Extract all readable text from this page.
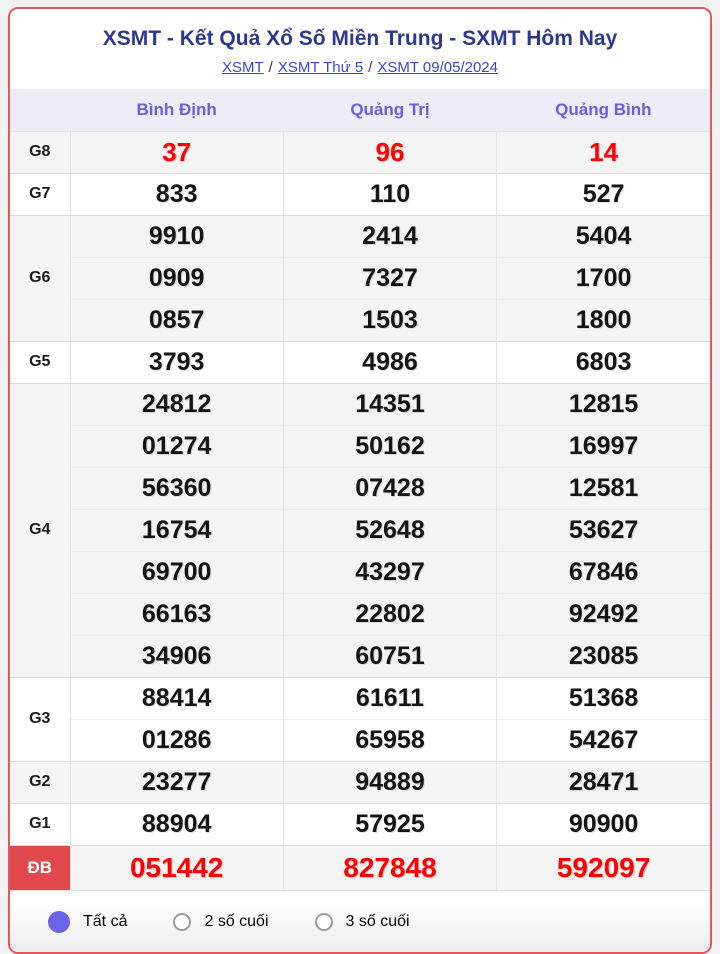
XSMT - Kết Quả Xổ Số Miền Trung - SXMT Hôm Nay
XSMT / XSMT Thứ 5 / XSMT 09/05/2024
	Bình Định	Quảng Trị	Quảng Bình
G8	37	96	14
G7	833	110	527
G6	9910	2414	5404
	0909	7327	1700
	0857	1503	1800
G5	3793	4986	6803
G4	24812	14351	12815
	01274	50162	16997
	56360	07428	12581
	16754	52648	53627
	69700	43297	67846
	66163	22802	92492
	34906	60751	23085
G3	88414	61611	51368
	01286	65958	54267
G2	23277	94889	28471
G1	88904	57925	90900
ĐB	051442	827848	592097
Tất cả	2 số cuối	3 số cuối
